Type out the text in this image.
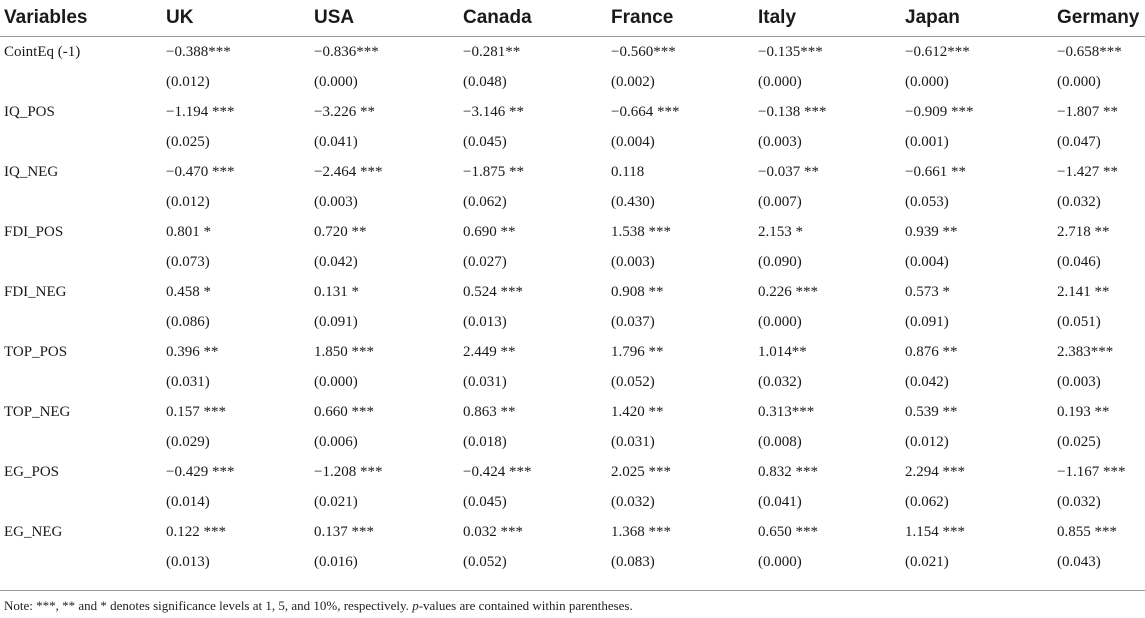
Variables	UK	USA	Canada	France	Italy	Japan	Germany
CointEq (-1)	−0.388***	−0.836***	−0.281**	−0.560***	−0.135***	−0.612***	−0.658***
	(0.012)	(0.000)	(0.048)	(0.002)	(0.000)	(0.000)	(0.000)
IQ_POS	−1.194 ***	−3.226 **	−3.146 **	−0.664 ***	−0.138 ***	−0.909 ***	−1.807 **
	(0.025)	(0.041)	(0.045)	(0.004)	(0.003)	(0.001)	(0.047)
IQ_NEG	−0.470 ***	−2.464 ***	−1.875 **	0.118	−0.037 **	−0.661 **	−1.427 **
	(0.012)	(0.003)	(0.062)	(0.430)	(0.007)	(0.053)	(0.032)
FDI_POS	0.801 *	0.720 **	0.690 **	1.538 ***	2.153 *	0.939 **	2.718 **
	(0.073)	(0.042)	(0.027)	(0.003)	(0.090)	(0.004)	(0.046)
FDI_NEG	0.458 *	0.131 *	0.524 ***	0.908 **	0.226 ***	0.573 *	2.141 **
	(0.086)	(0.091)	(0.013)	(0.037)	(0.000)	(0.091)	(0.051)
TOP_POS	0.396 **	1.850 ***	2.449 **	1.796 **	1.014**	0.876 **	2.383***
	(0.031)	(0.000)	(0.031)	(0.052)	(0.032)	(0.042)	(0.003)
TOP_NEG	0.157 ***	0.660 ***	0.863 **	1.420 **	0.313***	0.539 **	0.193 **
	(0.029)	(0.006)	(0.018)	(0.031)	(0.008)	(0.012)	(0.025)
EG_POS	−0.429 ***	−1.208 ***	−0.424 ***	2.025 ***	0.832 ***	2.294 ***	−1.167 ***
	(0.014)	(0.021)	(0.045)	(0.032)	(0.041)	(0.062)	(0.032)
EG_NEG	0.122 ***	0.137 ***	0.032 ***	1.368 ***	0.650 ***	1.154 ***	0.855 ***
	(0.013)	(0.016)	(0.052)	(0.083)	(0.000)	(0.021)	(0.043)
Note: ***, ** and * denotes significance levels at 1, 5, and 10%, respectively. p-values are contained within parentheses.
